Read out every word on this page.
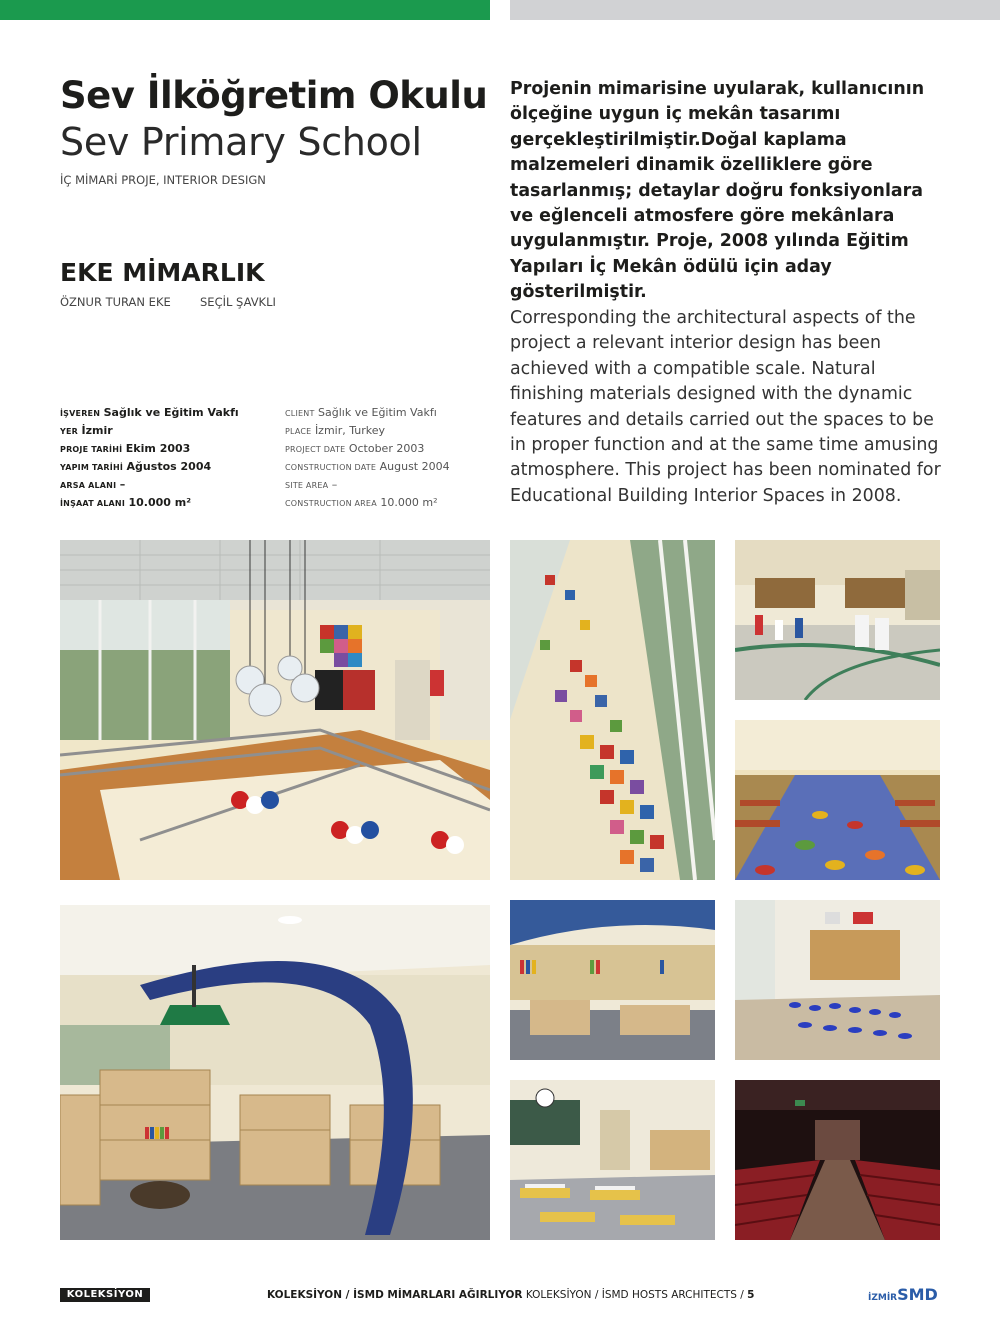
Sev İlköğretim Okulu
Sev Primary School
İÇ MİMARİ PROJE, INTERIOR DESIGN
EKE MİMARLIK
ÖZNUR TURAN EKE	SEÇİL ŞAVKLI
İŞVEREN Sağlık ve Eğitim Vakfı
YER İzmir
PROJE TARİHİ Ekim 2003
YAPIM TARİHİ Ağustos 2004
ARSA ALANI –
İNŞAAT ALANI 10.000 m²
CLIENT Sağlık ve Eğitim Vakfı
PLACE İzmir, Turkey
PROJECT DATE October 2003
CONSTRUCTION DATE August 2004
SITE AREA –
CONSTRUCTION AREA 10.000 m²

Projenin mimarisine uyularak, kullanıcının ölçeğine uygun iç mekân tasarımı gerçekleştirilmiştir.Doğal kaplama malzemeleri dinamik özelliklere göre tasarlanmış; detaylar doğru fonksiyonlara ve eğlenceli atmosfere göre mekânlara uygulanmıştır. Proje, 2008 yılında Eğitim Yapıları İç Mekân ödülü için aday gösterilmiştir.

Corresponding the architectural aspects of the project a relevant interior design has been achieved with a compatible scale. Natural finishing materials designed with the dynamic features and details carried out the spaces to be in proper function and at the same time amusing atmosphere. This project has been nominated for Educational Building Interior Spaces in 2008.

KOLEKSİYON	KOLEKSİYON / İSMD MİMARLARI AĞIRLIYOR KOLEKSİYON / İSMD HOSTS ARCHITECTS / 5	İZMİRSMD
